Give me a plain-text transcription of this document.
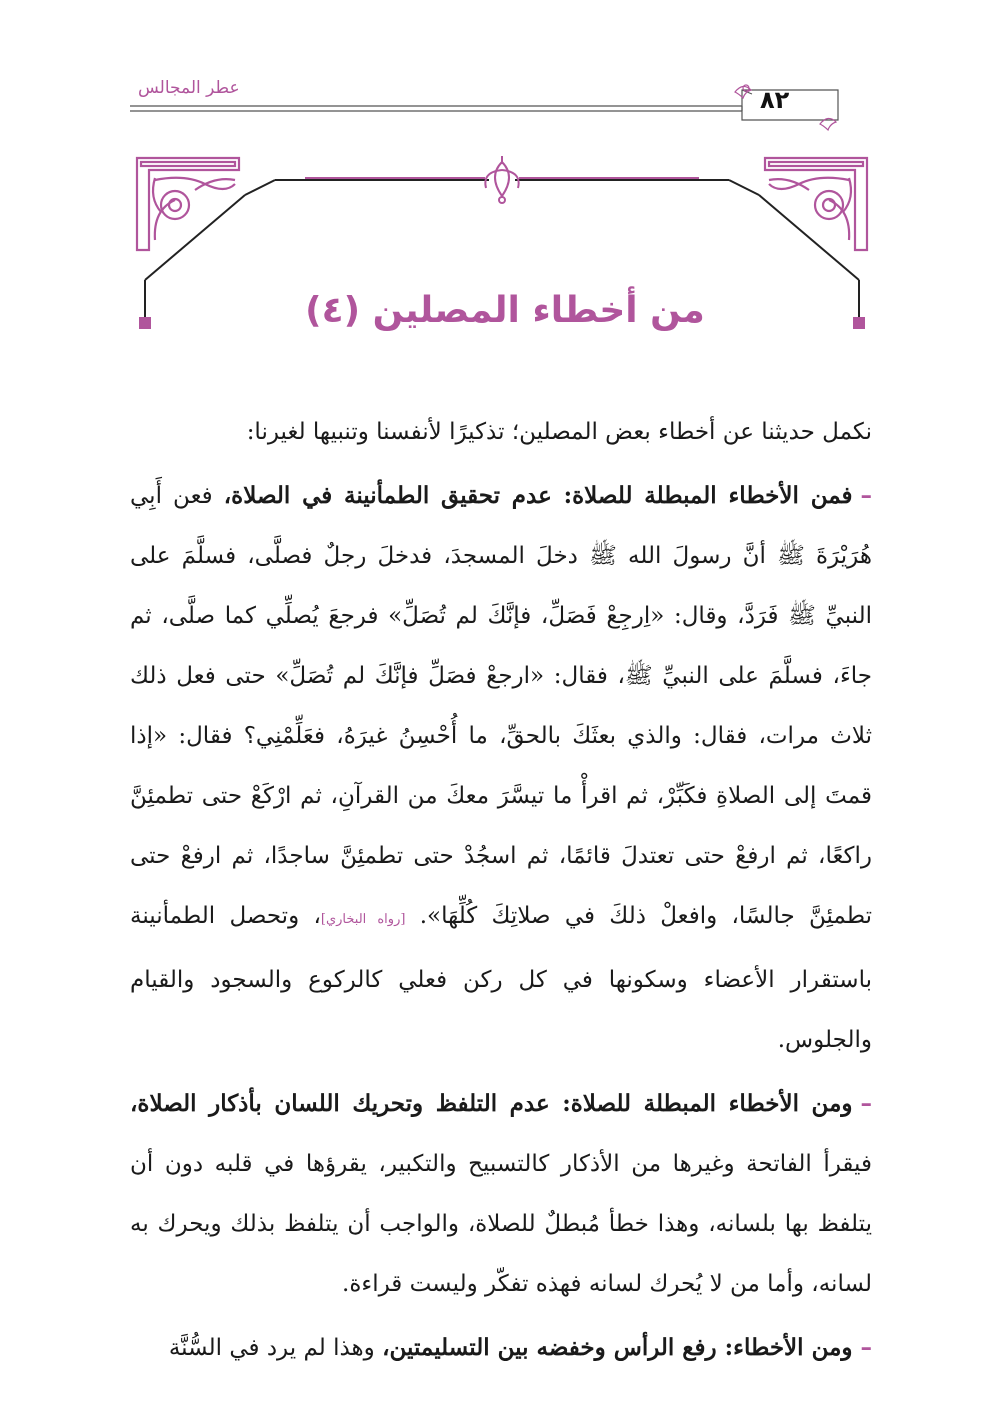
عطر المجالس	٨٢
من أخطاء المصلين (٤)

نكمل حديثنا عن أخطاء بعض المصلين؛ تذكيرًا لأنفسنا وتنبيها لغيرنا:

–فمن الأخطاء المبطلة للصلاة: عدم تحقيق الطمأنينة في الصلاة، فعن أَبِي هُرَيْرَةَ ﷺ أنَّ رسولَ الله ﷺ دخلَ المسجدَ، فدخلَ رجلٌ فصلَّى، فسلَّمَ على النبيِّ ﷺ فَرَدَّ، وقال: «اِرجِعْ فَصَلِّ، فإنَّكَ لم تُصَلِّ» فرجعَ يُصلِّي كما صلَّى، ثم جاءَ، فسلَّمَ على النبيِّ ﷺ، فقال: «ارجعْ فصَلِّ فإنَّكَ لم تُصَلِّ» حتى فعل ذلك ثلاث مرات، فقال: والذي بعثَكَ بالحقِّ، ما أُحْسِنُ غيرَهُ، فعَلِّمْنِي؟ فقال: «إذا قمتَ إلى الصلاةِ فكَبِّرْ، ثم اقرأْ ما تيسَّرَ معكَ من القرآنِ، ثم ارْكَعْ حتى تطمئِنَّ راكعًا، ثم ارفعْ حتى تعتدلَ قائمًا، ثم اسجُدْ حتى تطمئِنَّ ساجدًا، ثم ارفعْ حتى تطمئِنَّ جالسًا، وافعلْ ذلكَ في صلاتِكَ كُلِّهَا». [رواه البخاري]، وتحصل الطمأنينة باستقرار الأعضاء وسكونها في كل ركن فعلي كالركوع والسجود والقيام والجلوس.

–ومن الأخطاء المبطلة للصلاة: عدم التلفظ وتحريك اللسان بأذكار الصلاة، فيقرأ الفاتحة وغيرها من الأذكار كالتسبيح والتكبير، يقرؤها في قلبه دون أن يتلفظ بها بلسانه، وهذا خطأ مُبطلٌ للصلاة، والواجب أن يتلفظ بذلك ويحرك به لسانه، وأما من لا يُحرك لسانه فهذه تفكّر وليست قراءة.

–ومن الأخطاء: رفع الرأس وخفضه بين التسليمتين، وهذا لم يرد في السُّنَّة
